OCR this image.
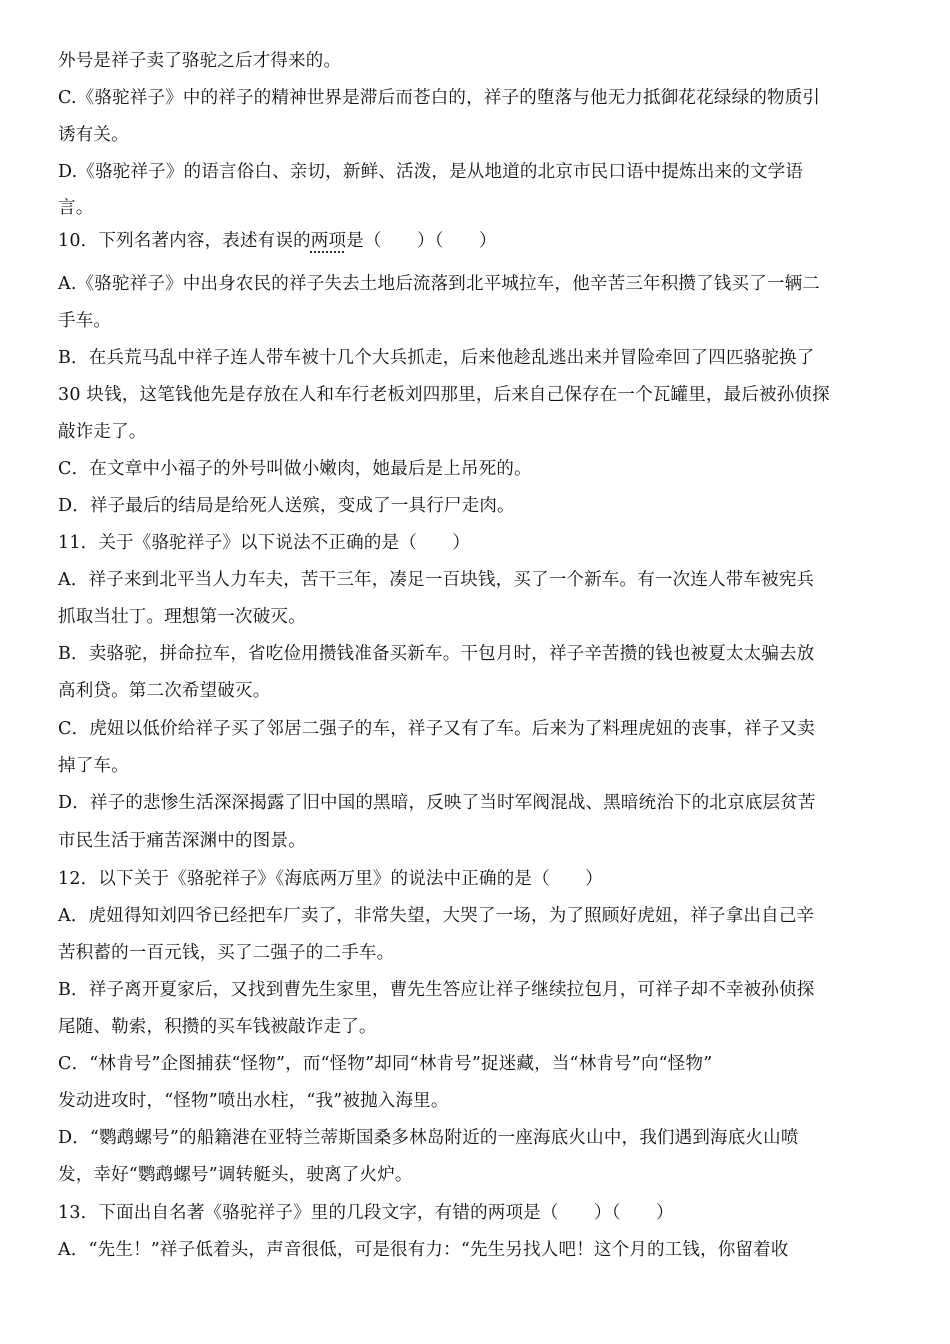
外号是祥子卖了骆驼之后才得来的。
C.《骆驼祥子》中的祥子的精神世界是滞后而苍白的，祥子的堕落与他无力抵御花花绿绿的物质引
诱有关。
D.《骆驼祥子》的语言俗白、亲切，新鲜、活泼，是从地道的北京市民口语中提炼出来的文学语
言。
10．下列名著内容，表述有误的两项是（　　）（　　）
A.《骆驼祥子》中出身农民的祥子失去土地后流落到北平城拉车，他辛苦三年积攒了钱买了一辆二
手车。
B．在兵荒马乱中祥子连人带车被十几个大兵抓走，后来他趁乱逃出来并冒险牵回了四匹骆驼换了
30 块钱，这笔钱他先是存放在人和车行老板刘四那里，后来自己保存在一个瓦罐里，最后被孙侦探
敲诈走了。
C．在文章中小福子的外号叫做小嫩肉，她最后是上吊死的。
D．祥子最后的结局是给死人送殡，变成了一具行尸走肉。
11．关于《骆驼祥子》以下说法不正确的是（　　）
A．祥子来到北平当人力车夫，苦干三年，凑足一百块钱，买了一个新车。有一次连人带车被宪兵
抓取当壮丁。理想第一次破灭。
B．卖骆驼，拼命拉车，省吃俭用攒钱准备买新车。干包月时，祥子辛苦攒的钱也被夏太太骗去放
高利贷。第二次希望破灭。
C．虎妞以低价给祥子买了邻居二强子的车，祥子又有了车。后来为了料理虎妞的丧事，祥子又卖
掉了车。
D．祥子的悲惨生活深深揭露了旧中国的黑暗，反映了当时军阀混战、黑暗统治下的北京底层贫苦
市民生活于痛苦深渊中的图景。
12．以下关于《骆驼祥子》《海底两万里》的说法中正确的是（　　）
A．虎妞得知刘四爷已经把车厂卖了，非常失望，大哭了一场，为了照顾好虎妞，祥子拿出自己辛
苦积蓄的一百元钱，买了二强子的二手车。
B．祥子离开夏家后，又找到曹先生家里，曹先生答应让祥子继续拉包月，可祥子却不幸被孙侦探
尾随、勒索，积攒的买车钱被敲诈走了。
C．“林肯号”企图捕获“怪物”，而“怪物”却同“林肯号”捉迷藏，当“林肯号”向“怪物”
发动进攻时，“怪物”喷出水柱，“我”被抛入海里。
D．“鹦鹉螺号”的船籍港在亚特兰蒂斯国桑多林岛附近的一座海底火山中，我们遇到海底火山喷
发，幸好“鹦鹉螺号”调转艇头，驶离了火炉。
13．下面出自名著《骆驼祥子》里的几段文字，有错的两项是（　　）（　　）
A．“先生！”祥子低着头，声音很低，可是很有力：“先生另找人吧！这个月的工钱，你留着收
